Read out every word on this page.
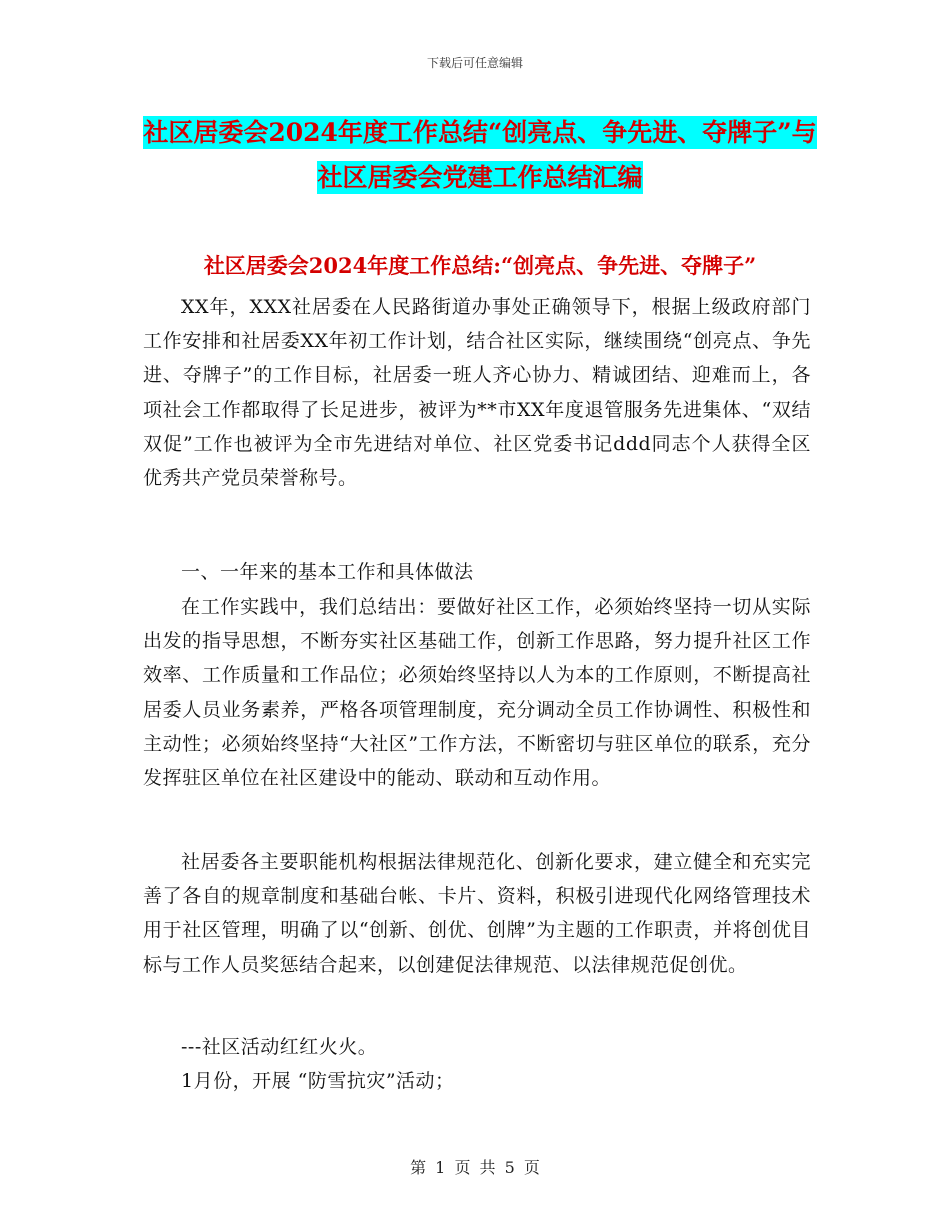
下载后可任意编辑
社区居委会2024年度工作总结“创亮点、争先进、夺牌子”与社区居委会党建工作总结汇编
社区居委会2024年度工作总结:“创亮点、争先进、夺牌子”

XX年，XXX社居委在人民路街道办事处正确领导下，根据上级政府部门工作安排和社居委XX年初工作计划，结合社区实际，继续围绕“创亮点、争先进、夺牌子”的工作目标，社居委一班人齐心协力、精诚团结、迎难而上，各项社会工作都取得了长足进步，被评为**市XX年度退管服务先进集体、“双结双促”工作也被评为全市先进结对单位、社区党委书记ddd同志个人获得全区优秀共产党员荣誉称号。

一、一年来的基本工作和具体做法

在工作实践中，我们总结出：要做好社区工作，必须始终坚持一切从实际出发的指导思想，不断夯实社区基础工作，创新工作思路，努力提升社区工作效率、工作质量和工作品位；必须始终坚持以人为本的工作原则，不断提高社居委人员业务素养，严格各项管理制度，充分调动全员工作协调性、积极性和主动性；必须始终坚持“大社区”工作方法，不断密切与驻区单位的联系，充分发挥驻区单位在社区建设中的能动、联动和互动作用。

社居委各主要职能机构根据法律规范化、创新化要求，建立健全和充实完善了各自的规章制度和基础台帐、卡片、资料，积极引进现代化网络管理技术用于社区管理，明确了以“创新、创优、创牌”为主题的工作职责，并将创优目标与工作人员奖惩结合起来，以创建促法律规范、以法律规范促创优。

---社区活动红红火火。

1月份，开展 “防雪抗灾”活动；

第 1 页 共 5 页
